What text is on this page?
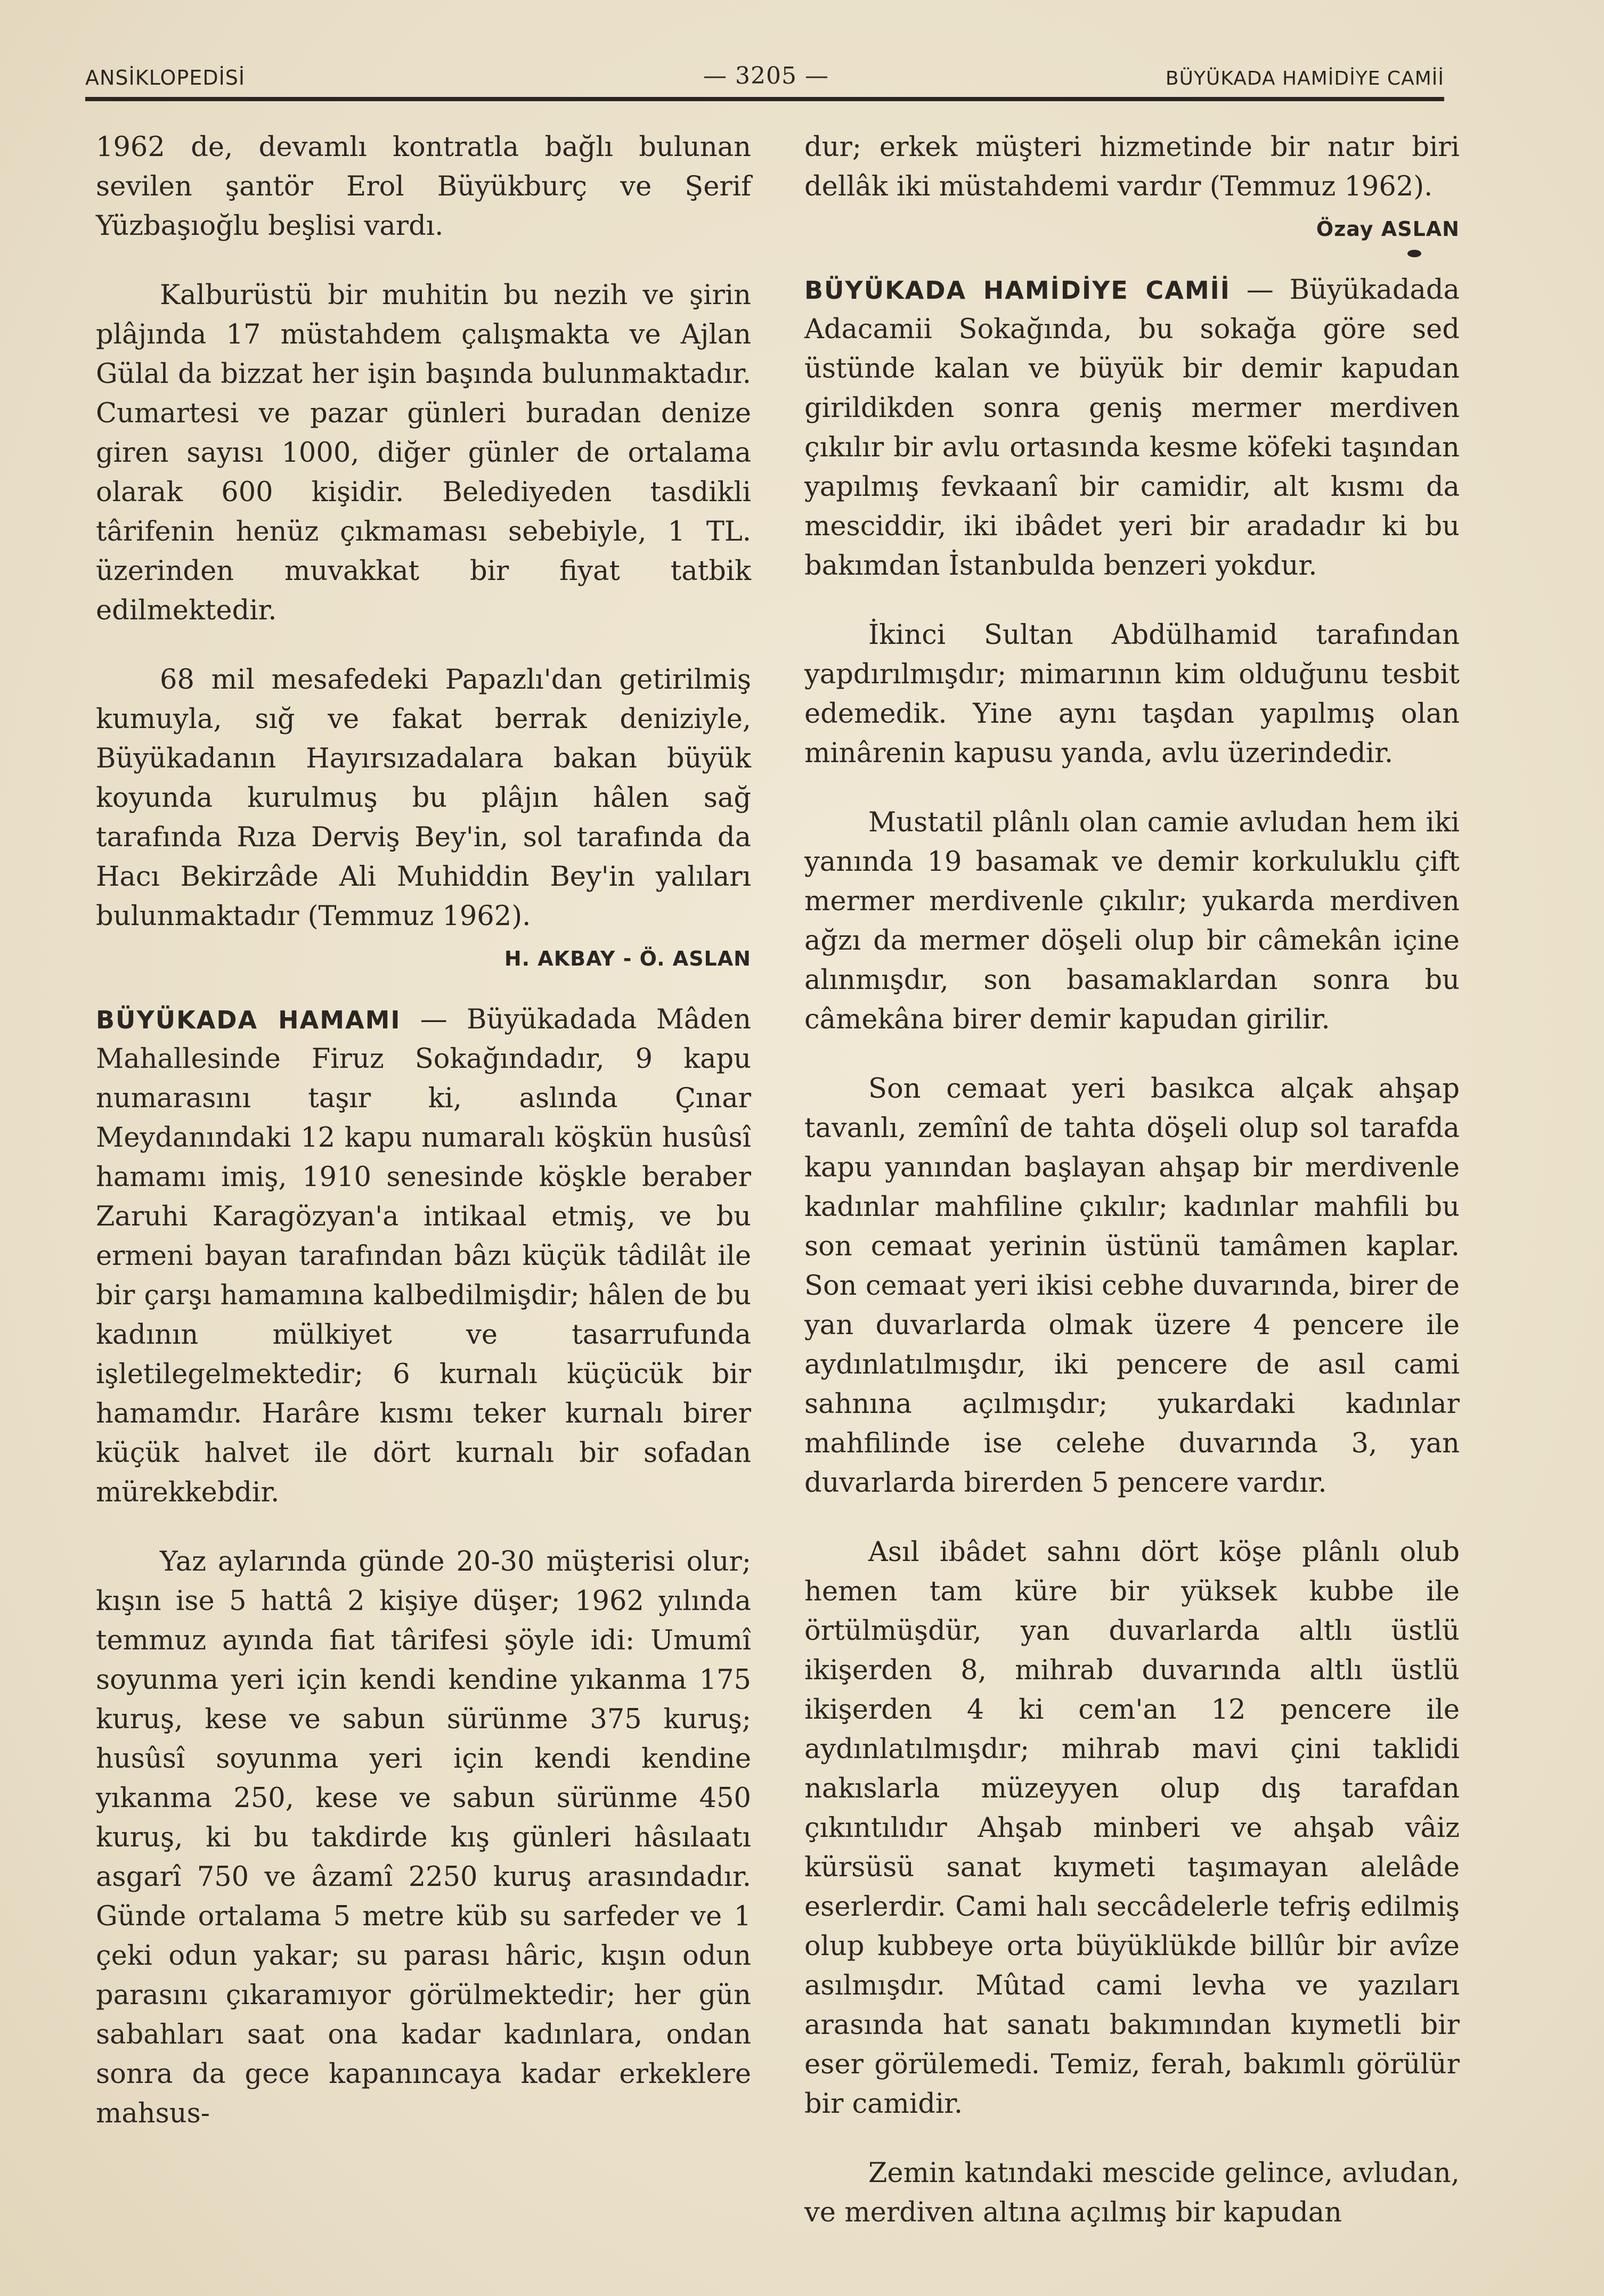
ANSİKLOPEDİSİ	— 3205 —	BÜYÜKADA HAMİDİYE CAMİİ

1962 de, devamlı kontratla bağlı bulunan sevilen şantör Erol Büyükburç ve Şerif Yüzbaşıoğlu beşlisi vardı.

Kalburüstü bir muhitin bu nezih ve şirin plâjında 17 müstahdem çalışmakta ve Ajlan Gülal da bizzat her işin başında bulunmaktadır. Cumartesi ve pazar günleri buradan denize giren sayısı 1000, diğer günler de ortalama olarak 600 kişidir. Belediyeden tasdikli târifenin henüz çıkmaması sebebiyle, 1 TL. üzerinden muvakkat bir fiyat tatbik edilmektedir.

68 mil mesafedeki Papazlı'dan getirilmiş kumuyla, sığ ve fakat berrak deniziyle, Büyükadanın Hayırsızadalara bakan büyük koyunda kurulmuş bu plâjın hâlen sağ tarafında Rıza Derviş Bey'in, sol tarafında da Hacı Bekirzâde Ali Muhiddin Bey'in yalıları bulunmaktadır (Temmuz 1962).

H. AKBAY - Ö. ASLAN

BÜYÜKADA HAMAMI — Büyükadada Mâden Mahallesinde Firuz Sokağındadır, 9 kapu numarasını taşır ki, aslında Çınar Meydanındaki 12 kapu numaralı köşkün husûsî hamamı imiş, 1910 senesinde köşkle beraber Zaruhi Karagözyan'a intikaal etmiş, ve bu ermeni bayan tarafından bâzı küçük tâdilât ile bir çarşı hamamına kalbedilmişdir; hâlen de bu kadının mülkiyet ve tasarrufunda işletilegelmektedir; 6 kurnalı küçücük bir hamamdır. Harâre kısmı teker kurnalı birer küçük halvet ile dört kurnalı bir sofadan mürekkebdir.

Yaz aylarında günde 20-30 müşterisi olur; kışın ise 5 hattâ 2 kişiye düşer; 1962 yılında temmuz ayında fiat târifesi şöyle idi: Umumî soyunma yeri için kendi kendine yıkanma 175 kuruş, kese ve sabun sürünme 375 kuruş; husûsî soyunma yeri için kendi kendine yıkanma 250, kese ve sabun sürünme 450 kuruş, ki bu takdirde kış günleri hâsılaatı asgarî 750 ve âzamî 2250 kuruş arasındadır. Günde ortalama 5 metre küb su sarfeder ve 1 çeki odun yakar; su parası hâric, kışın odun parasını çıkaramıyor görülmektedir; her gün sabahları saat ona kadar kadınlara, ondan sonra da gece kapanıncaya kadar erkeklere mahsus-

dur; erkek müşteri hizmetinde bir natır biri dellâk iki müstahdemi vardır (Temmuz 1962).

Özay ASLAN

BÜYÜKADA HAMİDİYE CAMİİ — Büyükadada Adacamii Sokağında, bu sokağa göre sed üstünde kalan ve büyük bir demir kapudan girildikden sonra geniş mermer merdiven çıkılır bir avlu ortasında kesme köfeki taşından yapılmış fevkaanî bir camidir, alt kısmı da mesciddir, iki ibâdet yeri bir aradadır ki bu bakımdan İstanbulda benzeri yokdur.

İkinci Sultan Abdülhamid tarafından yapdırılmışdır; mimarının kim olduğunu tesbit edemedik. Yine aynı taşdan yapılmış olan minârenin kapusu yanda, avlu üzerindedir.

Mustatil plânlı olan camie avludan hem iki yanında 19 basamak ve demir korkuluklu çift mermer merdivenle çıkılır; yukarda merdiven ağzı da mermer döşeli olup bir câmekân içine alınmışdır, son basamaklardan sonra bu câmekâna birer demir kapudan girilir.

Son cemaat yeri basıkca alçak ahşap tavanlı, zemînî de tahta döşeli olup sol tarafda kapu yanından başlayan ahşap bir merdivenle kadınlar mahfiline çıkılır; kadınlar mahfili bu son cemaat yerinin üstünü tamâmen kaplar. Son cemaat yeri ikisi cebhe duvarında, birer de yan duvarlarda olmak üzere 4 pencere ile aydınlatılmışdır, iki pencere de asıl cami sahnına açılmışdır; yukardaki kadınlar mahfilinde ise celehe duvarında 3, yan duvarlarda birerden 5 pencere vardır.

Asıl ibâdet sahnı dört köşe plânlı olub hemen tam küre bir yüksek kubbe ile örtülmüşdür, yan duvarlarda altlı üstlü ikişerden 8, mihrab duvarında altlı üstlü ikişerden 4 ki cem'an 12 pencere ile aydınlatılmışdır; mihrab mavi çini taklidi nakıslarla müzeyyen olup dış tarafdan çıkıntılıdır Ahşab minberi ve ahşab vâiz kürsüsü sanat kıymeti taşımayan alelâde eserlerdir. Cami halı seccâdelerle tefriş edilmiş olup kubbeye orta büyüklükde billûr bir avîze asılmışdır. Mûtad cami levha ve yazıları arasında hat sanatı bakımından kıymetli bir eser görülemedi. Temiz, ferah, bakımlı görülür bir camidir.

Zemin katındaki mescide gelince, avludan, ve merdiven altına açılmış bir kapudan
